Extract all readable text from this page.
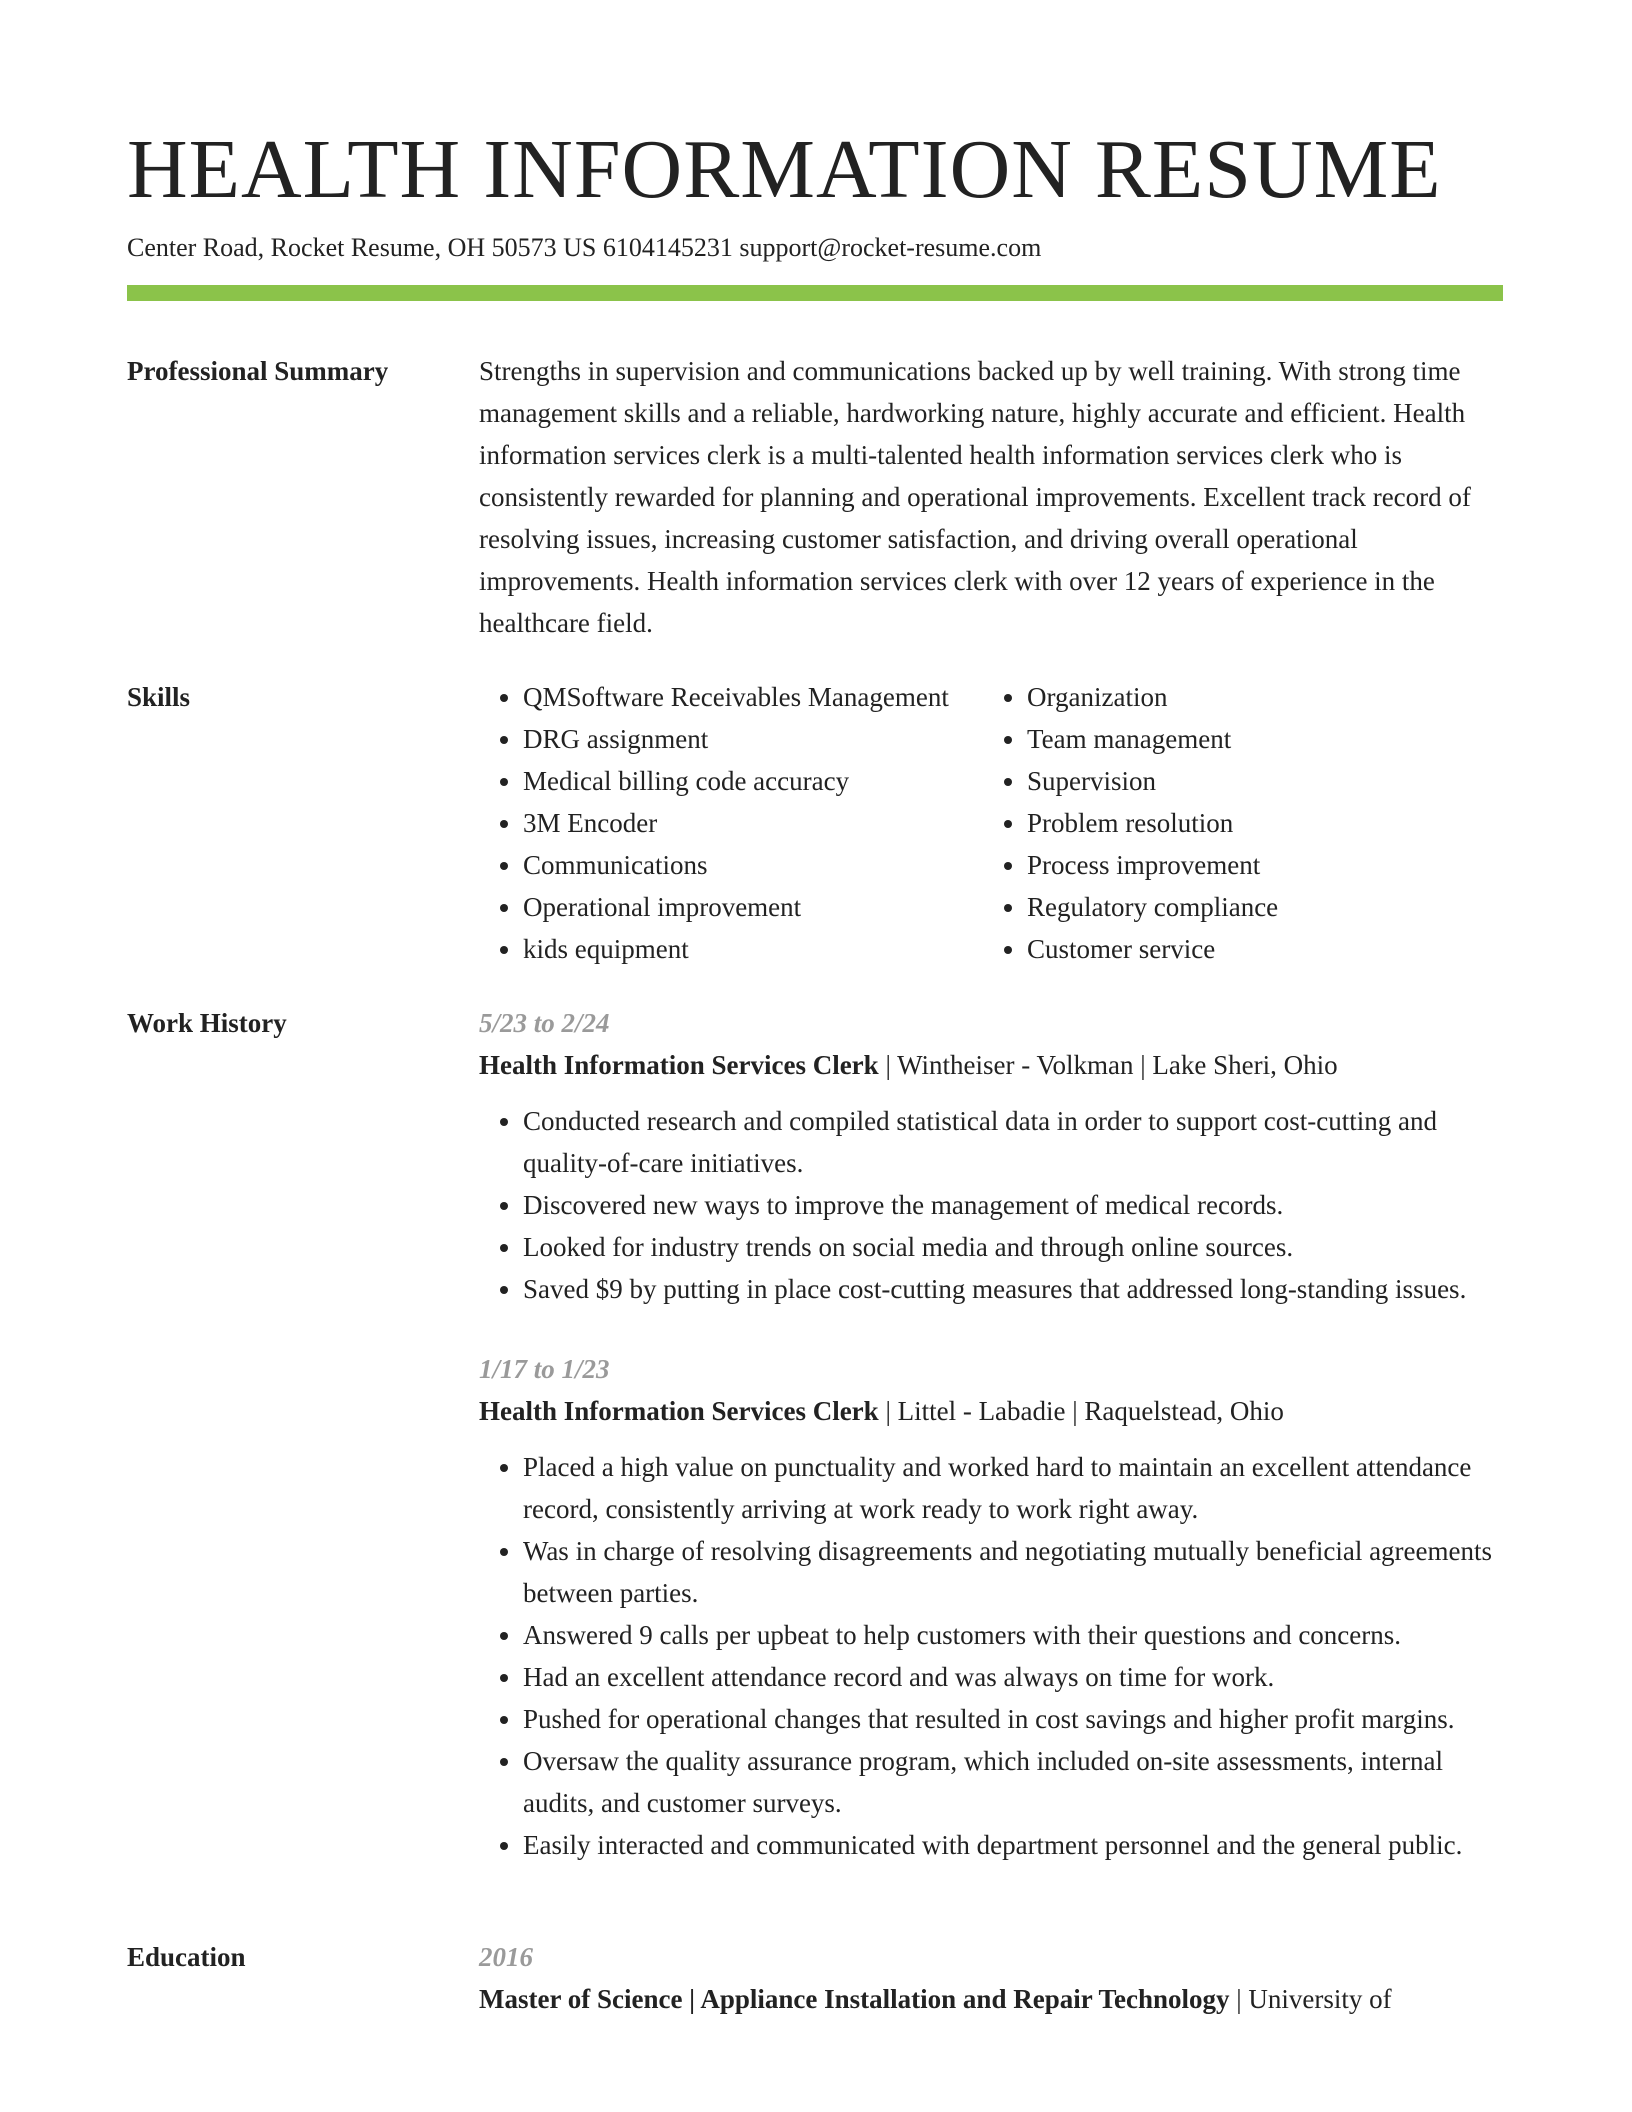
HEALTH INFORMATION RESUME
Center Road, Rocket Resume, OH 50573 US 6104145231 support@rocket-resume.com
Professional Summary	Strengths in supervision and communications backed up by well training. With strong time management skills and a reliable, hardworking nature, highly accurate and efficient. Health information services clerk is a multi-talented health information services clerk who is consistently rewarded for planning and operational improvements. Excellent track record of resolving issues, increasing customer satisfaction, and driving overall operational improvements. Health information services clerk with over 12 years of experience in the healthcare field.

Skills
•	QMSoftware Receivables Management
• DRG assignment
• Medical billing code accuracy
• 3M Encoder
• Communications
• Operational improvement
• kids equipment
• Organization
• Team management
• Supervision
• Problem resolution
• Process improvement
• Regulatory compliance
• Customer service
Work History	5/23 to 2/24
Health Information Services Clerk | Wintheiser - Volkman | Lake Sheri, Ohio
• Conducted research and compiled statistical data in order to support cost-cutting and quality-of-care initiatives.
• Discovered new ways to improve the management of medical records.
• Looked for industry trends on social media and through online sources.
• Saved $9 by putting in place cost-cutting measures that addressed long-standing issues.
1/17 to 1/23
Health Information Services Clerk | Littel - Labadie | Raquelstead, Ohio
• Placed a high value on punctuality and worked hard to maintain an excellent attendance record, consistently arriving at work ready to work right away.
• Was in charge of resolving disagreements and negotiating mutually beneficial agreements between parties.
• Answered 9 calls per upbeat to help customers with their questions and concerns.
• Had an excellent attendance record and was always on time for work.
• Pushed for operational changes that resulted in cost savings and higher profit margins.
• Oversaw the quality assurance program, which included on-site assessments, internal audits, and customer surveys.
• Easily interacted and communicated with department personnel and the general public.
Education	2016
Master of Science | Appliance Installation and Repair Technology | University of
